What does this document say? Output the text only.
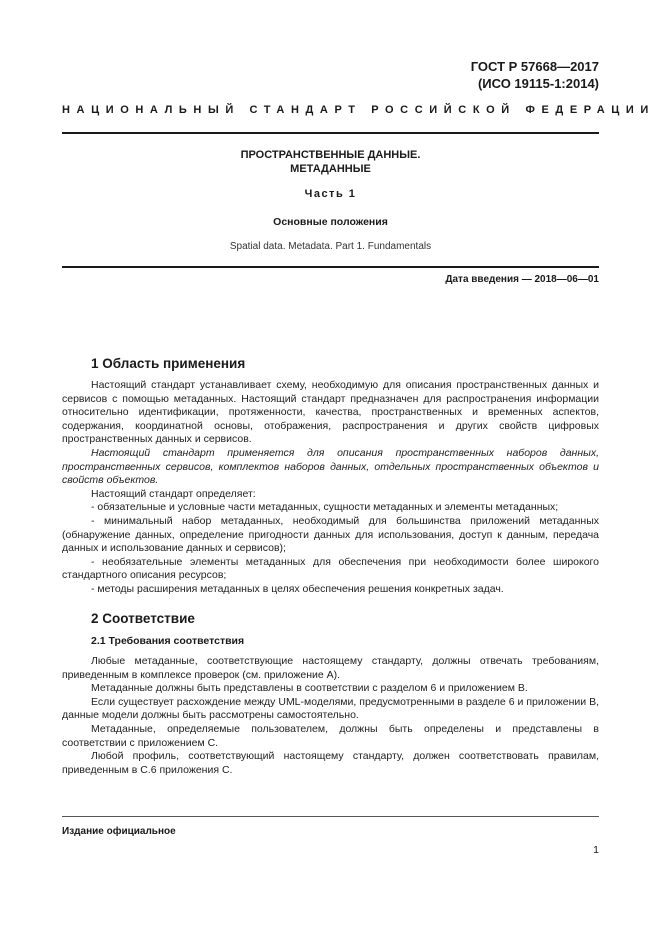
ГОСТ Р 57668—2017
(ИСО 19115-1:2014)
НАЦИОНАЛЬНЫЙ СТАНДАРТ РОССИЙСКОЙ ФЕДЕРАЦИИ
ПРОСТРАНСТВЕННЫЕ ДАННЫЕ.
МЕТАДАННЫЕ
Часть 1
Основные положения
Spatial data. Metadata. Part 1. Fundamentals
Дата введения — 2018—06—01
1 Область применения

Настоящий стандарт устанавливает схему, необходимую для описания пространственных данных и сервисов с помощью метаданных. Настоящий стандарт предназначен для распространения информации относительно идентификации, протяженности, качества, пространственных и временных аспектов, содержания, координатной основы, отображения, распространения и других свойств цифровых пространственных данных и сервисов.

Настоящий стандарт применяется для описания пространственных наборов данных, пространственных сервисов, комплектов наборов данных, отдельных пространственных объектов и свойств объектов.

Настоящий стандарт определяет:

- обязательные и условные части метаданных, сущности метаданных и элементы метаданных;

- минимальный набор метаданных, необходимый для большинства приложений метаданных (обнаружение данных, определение пригодности данных для использования, доступ к данным, передача данных и использование данных и сервисов);

- необязательные элементы метаданных для обеспечения при необходимости более широкого стандартного описания ресурсов;

- методы расширения метаданных в целях обеспечения решения конкретных задач.

2 Соответствие
2.1 Требования соответствия

Любые метаданные, соответствующие настоящему стандарту, должны отвечать требованиям, приведенным в комплексе проверок (см. приложение А).

Метаданные должны быть представлены в соответствии с разделом 6 и приложением В.

Если существует расхождение между UML-моделями, предусмотренными в разделе 6 и приложении В, данные модели должны быть рассмотрены самостоятельно.

Метаданные, определяемые пользователем, должны быть определены и представлены в соответствии с приложением С.

Любой профиль, соответствующий настоящему стандарту, должен соответствовать правилам, приведенным в С.6 приложения С.

Издание официальное
1
